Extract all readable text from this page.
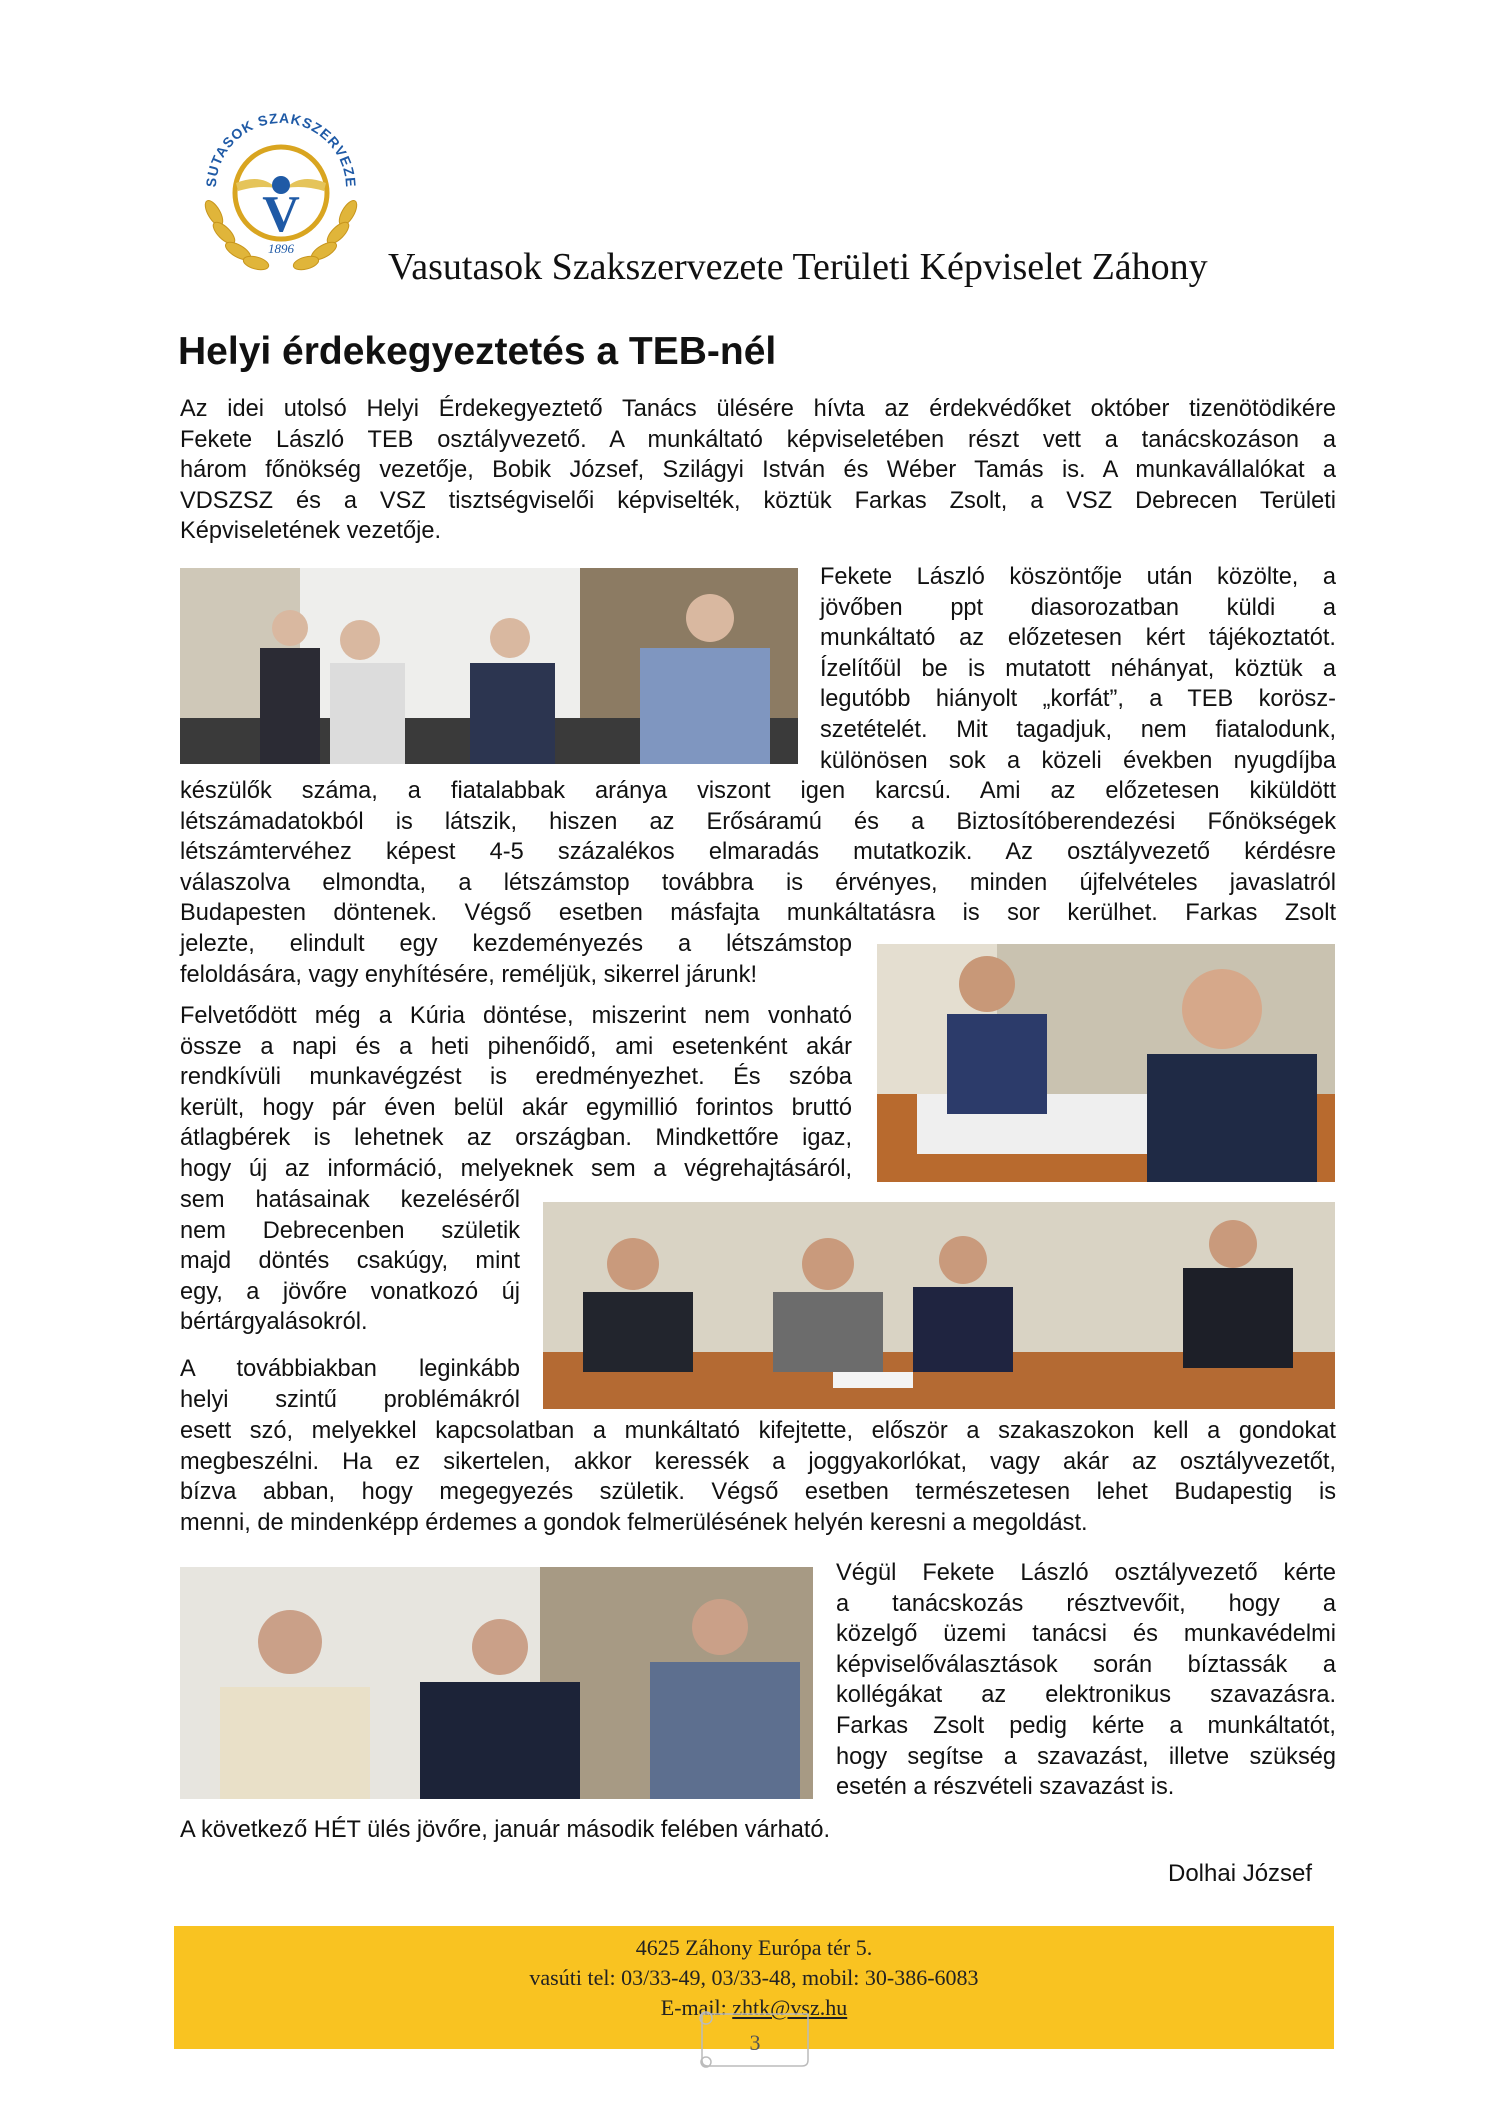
V
SUTASOK SZAKSZERVEZE
1896 Vasutasok Szakszervezete Területi Képviselet Záhony
Helyi érdekegyeztetés a TEB-nél
Az idei utolsó Helyi Érdekegyeztető Tanács ülésére hívta az érdekvédőket október tizenötödikére
Fekete László TEB osztályvezető. A munkáltató képviseletében részt vett a tanácskozáson a
három főnökség vezetője, Bobik József, Szilágyi István és Wéber Tamás is. A munkavállalókat a
VDSZSZ és a VSZ tisztségviselői képviselték, köztük Farkas Zsolt, a VSZ Debrecen Területi
Képviseletének vezetője.
Fekete László köszöntője után közölte, a
jövőben ppt diasorozatban küldi a
munkáltató az előzetesen kért tájékoztatót.
Ízelítőül be is mutatott néhányat, köztük a
legutóbb hiányolt „korfát”, a TEB korösz-
szetételét. Mit tagadjuk, nem fiatalodunk,
különösen sok a közeli években nyugdíjba
készülők száma, a fiatalabbak aránya viszont igen karcsú. Ami az előzetesen kiküldött
létszámadatokból is látszik, hiszen az Erősáramú és a Biztosítóberendezési Főnökségek
létszámtervéhez képest 4-5 százalékos elmaradás mutatkozik. Az osztályvezető kérdésre
válaszolva elmondta, a létszámstop továbbra is érvényes, minden újfelvételes javaslatról
Budapesten döntenek. Végső esetben másfajta munkáltatásra is sor kerülhet. Farkas Zsolt
jelezte, elindult egy kezdeményezés a létszámstop
feloldására, vagy enyhítésére, reméljük, sikerrel járunk!
Felvetődött még a Kúria döntése, miszerint nem vonható
össze a napi és a heti pihenőidő, ami esetenként akár
rendkívüli munkavégzést is eredményezhet. És szóba
került, hogy pár éven belül akár egymillió forintos bruttó
átlagbérek is lehetnek az országban. Mindkettőre igaz,
hogy új az információ, melyeknek sem a végrehajtásáról,
sem hatásainak kezeléséről
nem Debrecenben születik
majd döntés csakúgy, mint
egy, a jövőre vonatkozó új
bértárgyalásokról.
A továbbiakban leginkább
helyi szintű problémákról
esett szó, melyekkel kapcsolatban a munkáltató kifejtette, először a szakaszokon kell a gondokat
megbeszélni. Ha ez sikertelen, akkor keressék a joggyakorlókat, vagy akár az osztályvezetőt,
bízva abban, hogy megegyezés születik. Végső esetben természetesen lehet Budapestig is
menni, de mindenképp érdemes a gondok felmerülésének helyén keresni a megoldást.
Végül Fekete László osztályvezető kérte
a tanácskozás résztvevőit, hogy a
közelgő üzemi tanácsi és munkavédelmi
képviselőválasztások során bíztassák a
kollégákat az elektronikus szavazásra.
Farkas Zsolt pedig kérte a munkáltatót,
hogy segítse a szavazást, illetve szükség
esetén a részvételi szavazást is.
A következő HÉT ülés jövőre, január második felében várható.
Dolhai József
4625 Záhony Európa tér 5.
vasúti tel: 03/33-49, 03/33-48, mobil: 30-386-6083
E-mail: zhtk@vsz.hu
3
